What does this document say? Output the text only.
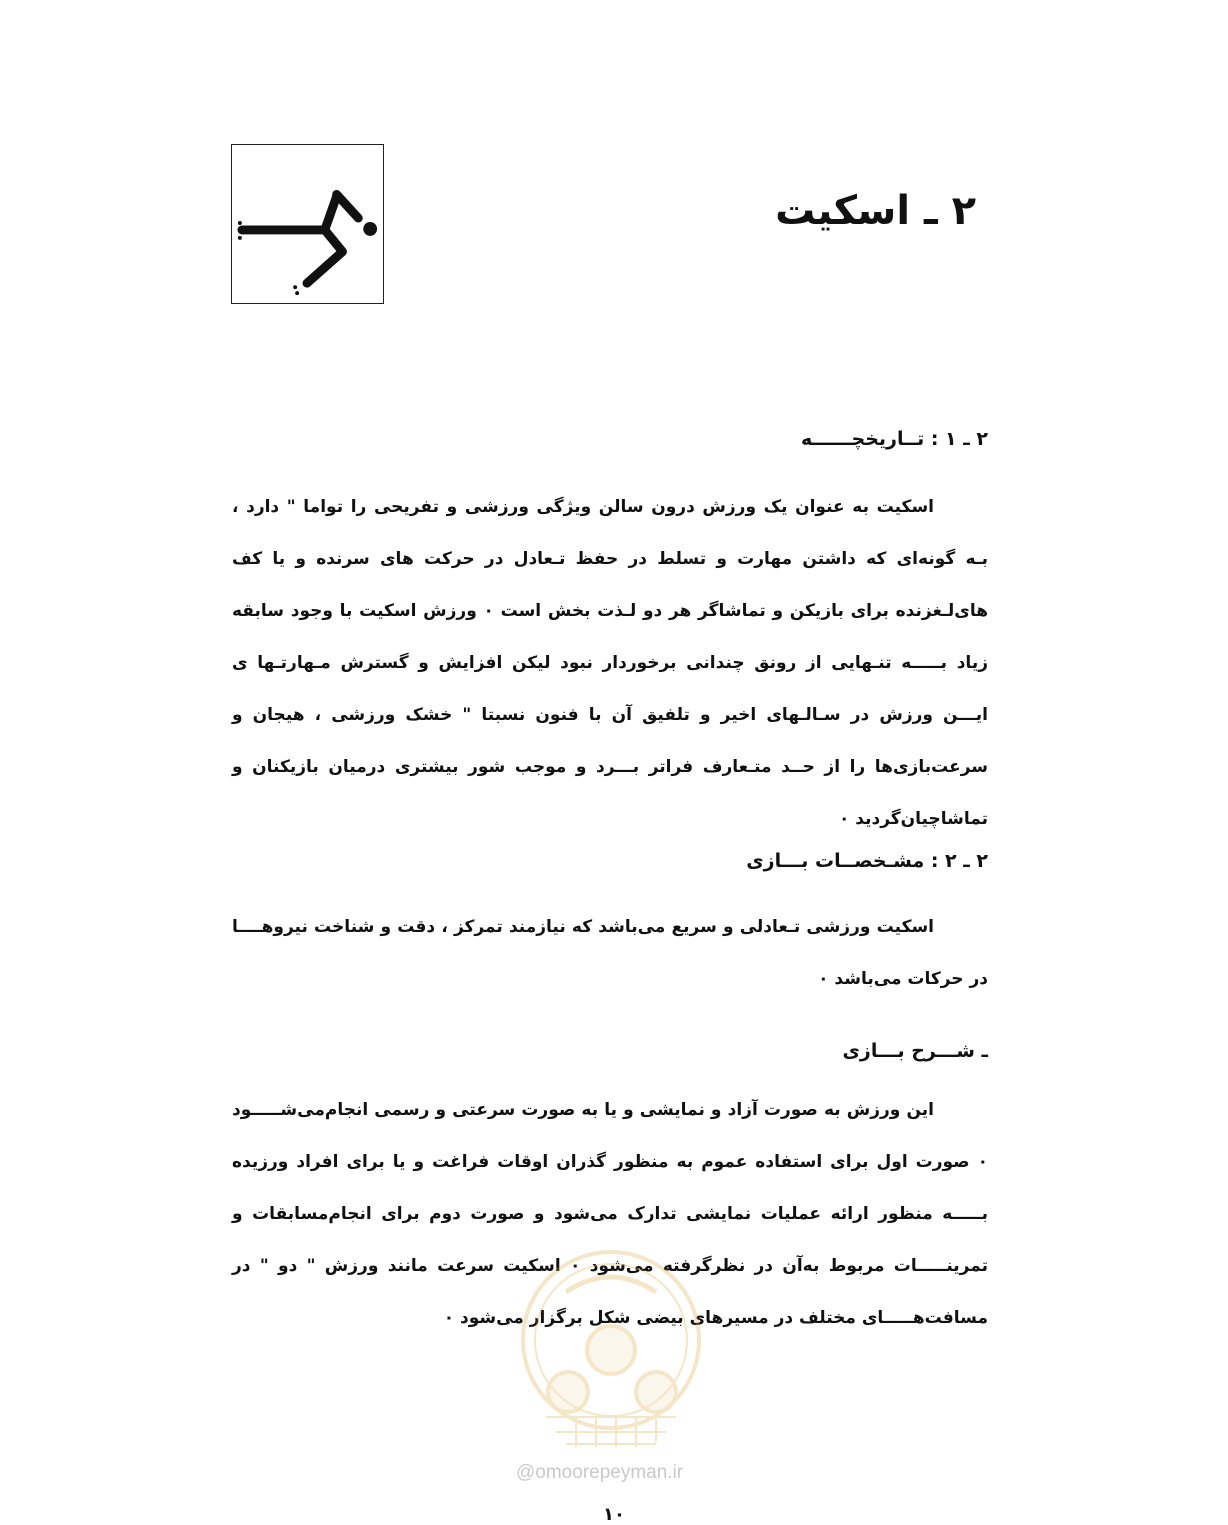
۲ ـ اسکیت
۲ ـ ۱ : تــاریخچــــــه

اسکیت به عنوان یک ورزش درون سالن ویژگی ورزشی و تفریحی را تواما " دارد ، بـه گونه‌ای که داشتن مهارت و تسلط در حفظ تـعادل در حرکت های سرنده و یا کف های‌لـغزنده برای بازیکن و تماشاگر هر دو لـذت بخش است ۰ ورزش اسکیت با وجود سابقه زیاد بـــــه تنـهایی از رونق چندانی برخوردار نبود لیکن افزایش و گسترش مـهارتـها ی ایـــن ورزش در سـالـهای اخیر و تلفیق آن با فنون نسبتا " خشک ورزشی ، هیجان و سرعت‌بازی‌ها را از حــد متـعارف فراتر بـــرد و موجب شور بیشتری درمیان بازیکنان و تماشاچیان‌گردید ۰

۲ ـ ۲ : مشـخصــات بـــازی

اسکیت ورزشی تـعادلی و سریع می‌باشد که نیازمند تمرکز ، دقت و شناخت نیروهــــا در حرکات می‌باشد ۰

ـ شـــرح بـــازی

این ورزش به صورت آزاد و نمایشی و یا به صورت سرعتی و رسمی انجام‌می‌شـــــود ۰ صورت اول برای استفاده عموم به منظور گذران اوقات فراغت و یا برای افراد ورزیده بـــــه منظور ارائه عملیات نمایشی تدارک می‌شود و صورت دوم برای انجام‌مسابقات و تمرینـــــات مربوط به‌آن در نظرگرفته می‌شود ۰ اسکیت سرعت مانند ورزش " دو " در مسافت‌هـــــای مختلف در مسیرهای بیضی شکل برگزار می‌شود ۰

@omoorepeyman.ir
۱۰
